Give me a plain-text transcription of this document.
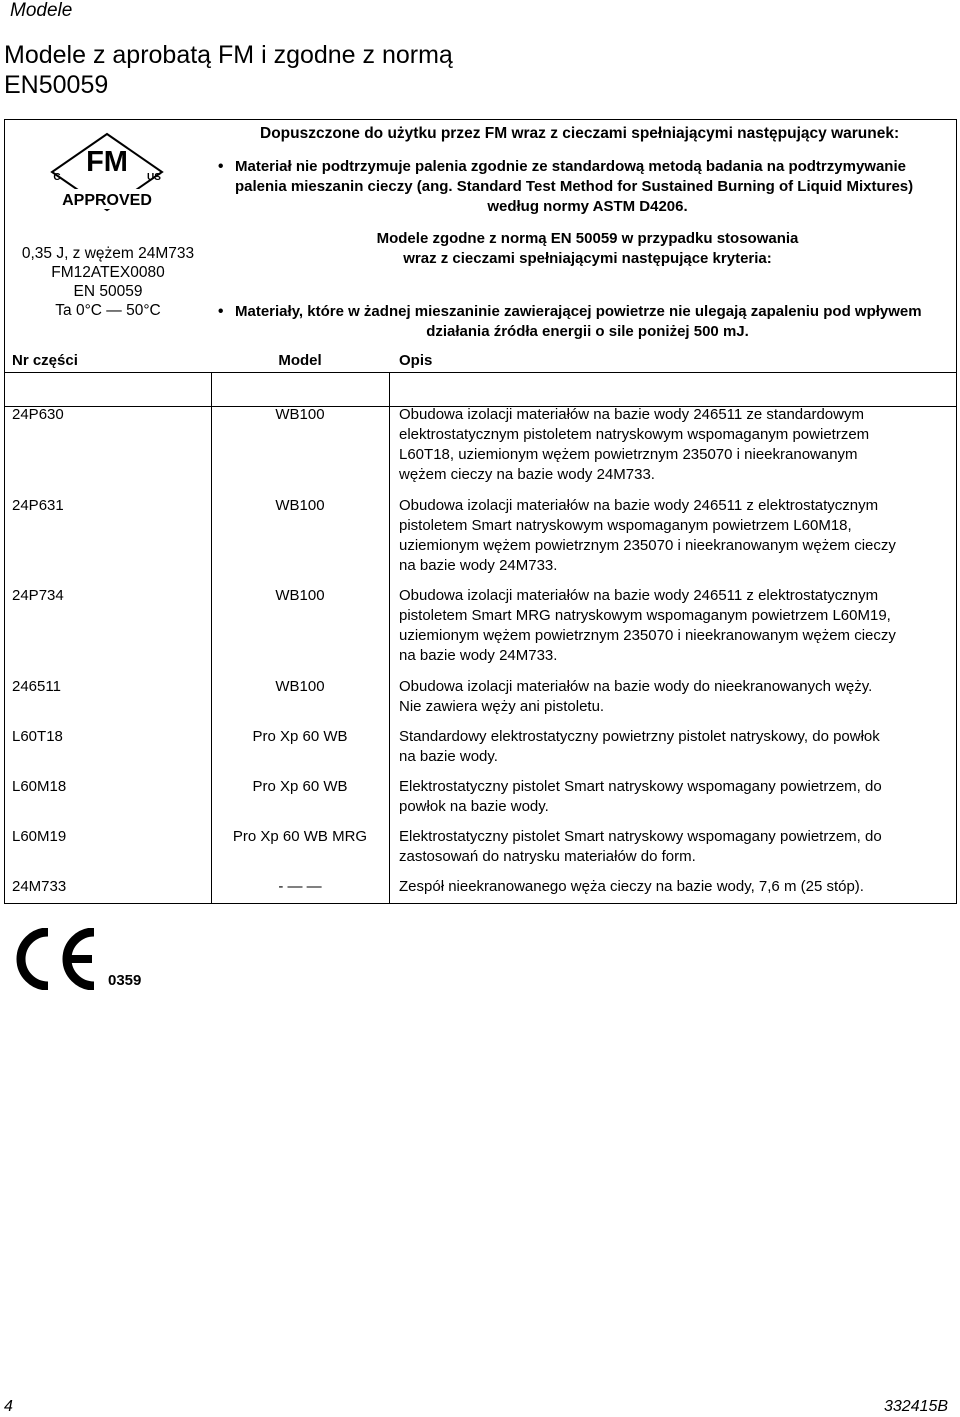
Modele
Modele z aprobatą FM i zgodne z normą EN50059
FM
C	US
APPROVED
0,35 J, z wężem 24M733
FM12ATEX0080
EN 50059
Ta 0°C — 50°C
Dopuszczone do użytku przez FM wraz z cieczami spełniającymi następujący warunek:
• Materiał nie podtrzymuje palenia zgodnie ze standardową metodą badania na podtrzymywanie
palenia mieszanin cieczy (ang. Standard Test Method for Sustained Burning of Liquid Mixtures)
według normy ASTM D4206.
Modele zgodne z normą EN 50059 w przypadku stosowania
wraz z cieczami spełniającymi następujące kryteria:
• Materiały, które w żadnej mieszaninie zawierającej powietrze nie ulegają zapaleniu pod wpływem
działania źródła energii o sile poniżej 500 mJ.
Nr części	Model	Opis
24P630	WB100	Obudowa izolacji materiałów na bazie wody 246511 ze standardowym
elektrostatycznym pistoletem natryskowym wspomaganym powietrzem
L60T18, uziemionym wężem powietrznym 235070 i nieekranowanym
wężem cieczy na bazie wody 24M733.
24P631	WB100	Obudowa izolacji materiałów na bazie wody 246511 z elektrostatycznym
pistoletem Smart natryskowym wspomaganym powietrzem L60M18,
uziemionym wężem powietrznym 235070 i nieekranowanym wężem cieczy
na bazie wody 24M733.
24P734	WB100	Obudowa izolacji materiałów na bazie wody 246511 z elektrostatycznym
pistoletem Smart MRG natryskowym wspomaganym powietrzem L60M19,
uziemionym wężem powietrznym 235070 i nieekranowanym wężem cieczy
na bazie wody 24M733.
246511	WB100	Obudowa izolacji materiałów na bazie wody do nieekranowanych węży.
Nie zawiera węży ani pistoletu.
L60T18	Pro Xp 60 WB	Standardowy elektrostatyczny powietrzny pistolet natryskowy, do powłok
na bazie wody.
L60M18	Pro Xp 60 WB	Elektrostatyczny pistolet Smart natryskowy wspomagany powietrzem, do
powłok na bazie wody.
L60M19	Pro Xp 60 WB MRG	Elektrostatyczny pistolet Smart natryskowy wspomagany powietrzem, do
zastosowań do natrysku materiałów do form.
24M733	- — —	Zespół nieekranowanego węża cieczy na bazie wody, 7,6 m (25 stóp).
0359
4	332415B
